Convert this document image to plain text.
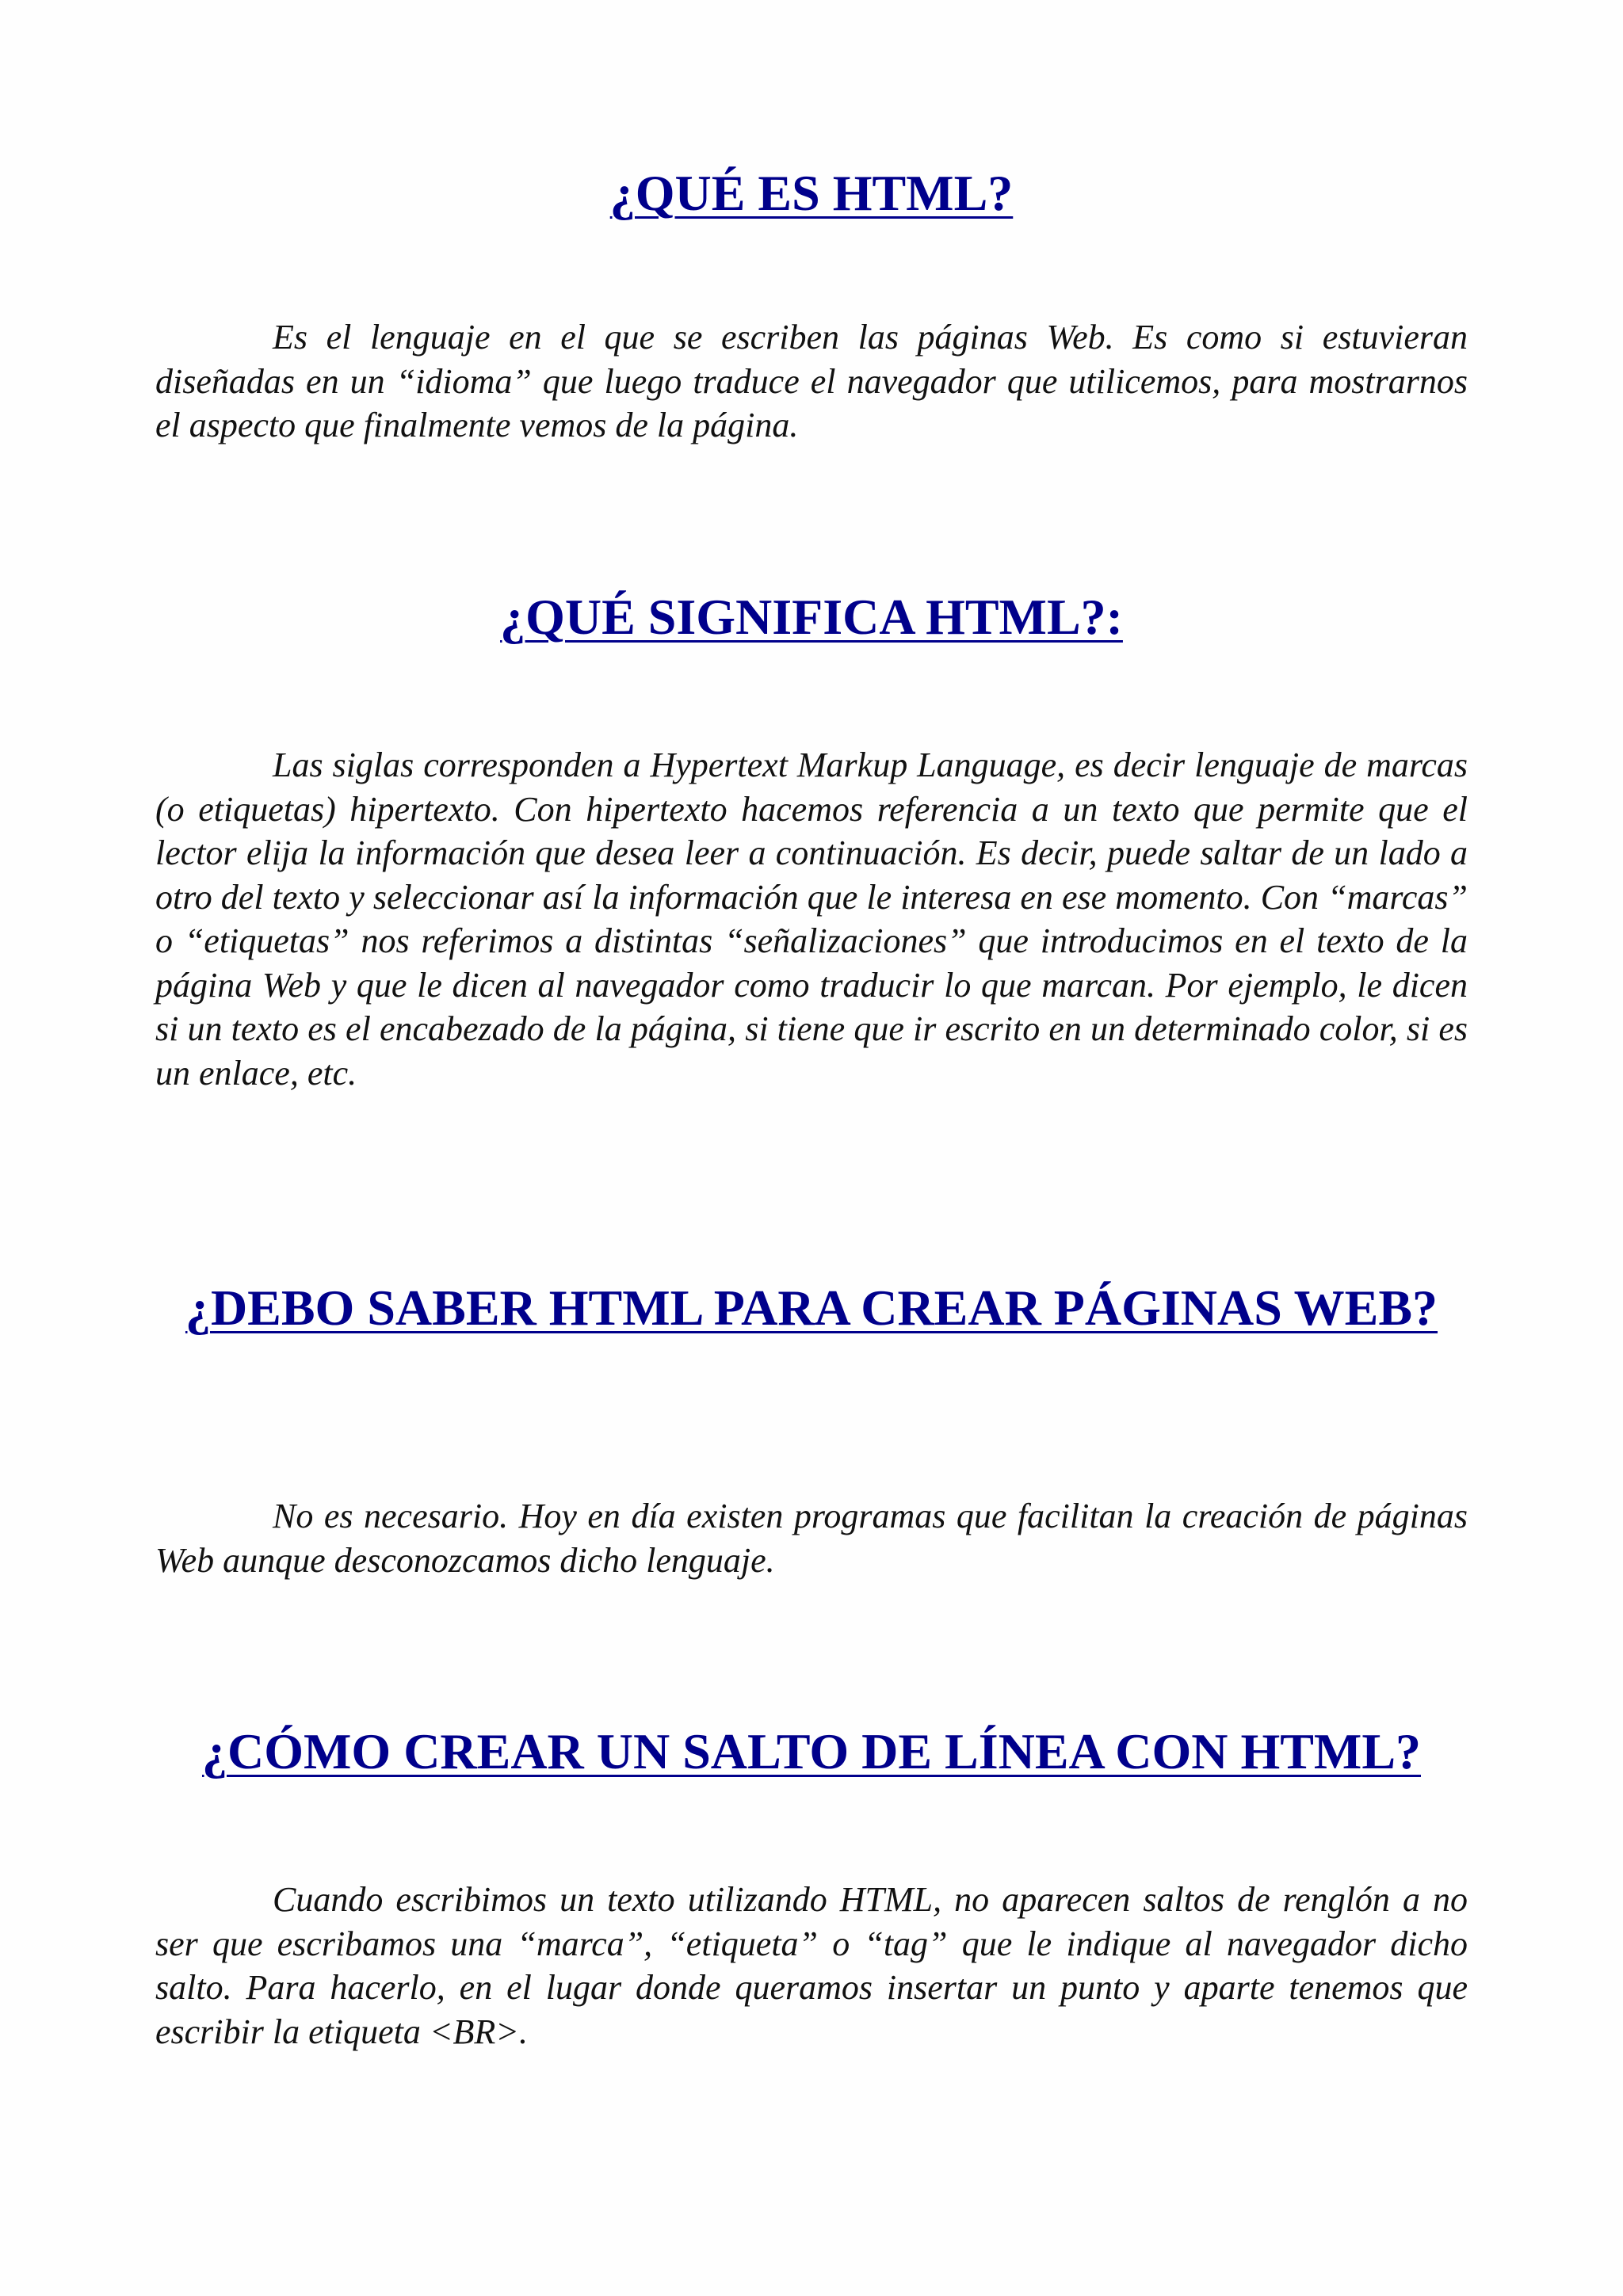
¿QUÉ ES HTML?

Es el lenguaje en el que se escriben las páginas Web. Es como si estuvieran diseñadas en un “idioma” que luego traduce el navegador que utilicemos, para mostrarnos el aspecto que finalmente vemos de la página.

¿QUÉ SIGNIFICA HTML?:

Las siglas corresponden a Hypertext Markup Language, es decir lenguaje de marcas (o etiquetas) hipertexto. Con hipertexto hacemos referencia a un texto que permite que el lector elija la información que desea leer a continuación. Es decir, puede saltar de un lado a otro del texto y seleccionar así la información que le interesa en ese momento. Con “marcas” o “etiquetas” nos referimos a distintas “señalizaciones” que introducimos en el texto de la página Web y que le dicen al navegador como traducir lo que marcan. Por ejemplo, le dicen si un texto es el encabezado de la página, si tiene que ir escrito en un determinado color, si es un enlace, etc.

¿DEBO SABER HTML PARA CREAR PÁGINAS WEB?

No es necesario. Hoy en día existen programas que facilitan la creación de páginas Web aunque desconozcamos dicho lenguaje.

¿CÓMO CREAR UN SALTO DE LÍNEA CON HTML?

Cuando escribimos un texto utilizando HTML, no aparecen saltos de renglón a no ser que escribamos una “marca”, “etiqueta” o “tag” que le indique al navegador dicho salto. Para hacerlo, en el lugar donde queramos insertar un punto y aparte tenemos que escribir la etiqueta <BR>.
